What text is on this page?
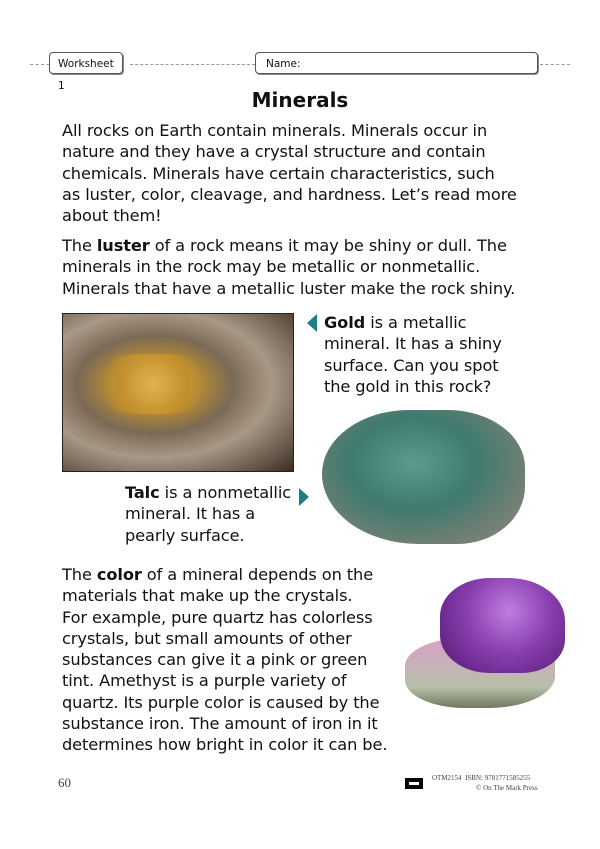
Worksheet 1
Name:
Minerals
All rocks on Earth contain minerals. Minerals occur in
nature and they have a crystal structure and contain
chemicals. Minerals have certain characteristics, such
as luster, color, cleavage, and hardness. Let’s read more
about them!
The luster of a rock means it may be shiny or dull. The
minerals in the rock may be metallic or nonmetallic.
Minerals that have a metallic luster make the rock shiny.
Gold is a metallic
mineral. It has a shiny
surface. Can you spot
the gold in this rock?
Talc is a nonmetallic
mineral. It has a
pearly surface.
The color of a mineral depends on the
materials that make up the crystals.
For example, pure quartz has colorless
crystals, but small amounts of other
substances can give it a pink or green
tint. Amethyst is a purple variety of
quartz. Its purple color is caused by the
substance iron. The amount of iron in it
determines how bright in color it can be.
60	OTM2154 ISBN: 9781771585255
© On The Mark Press
